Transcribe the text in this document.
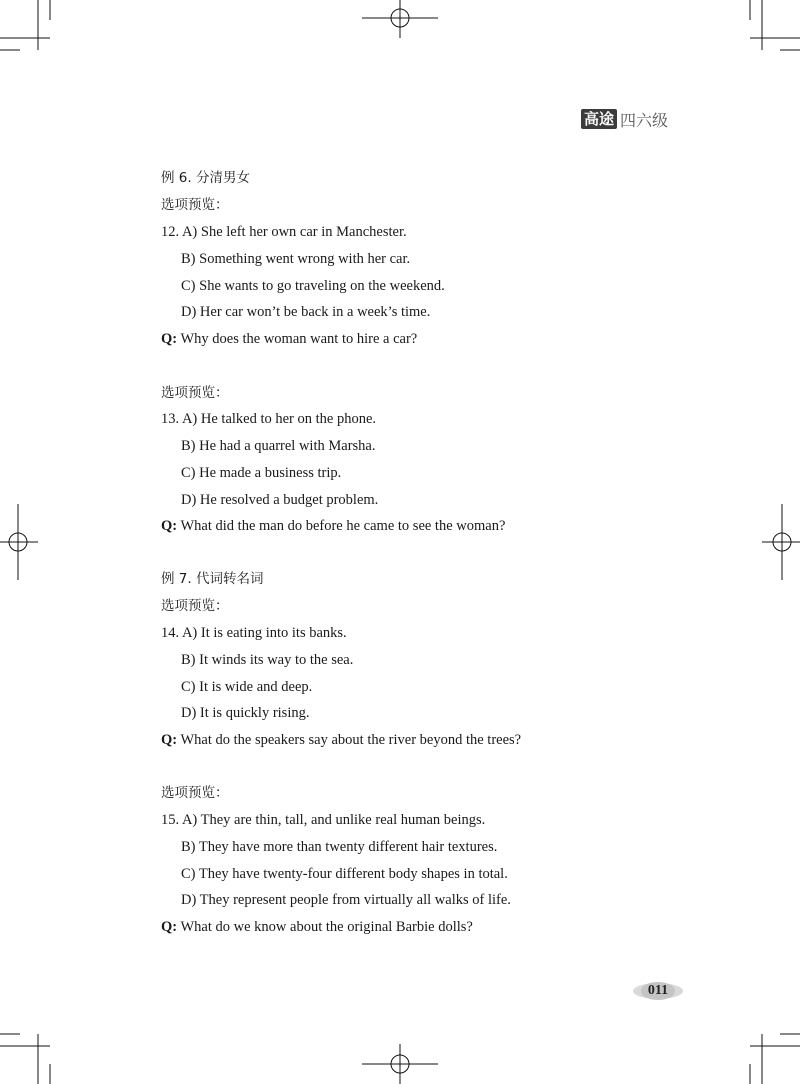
高途 四六级
例 6. 分清男女
选项预览：
12. A) She left her own car in Manchester.
B) Something went wrong with her car.
C) She wants to go traveling on the weekend.
D) Her car won’t be back in a week’s time.
Q: Why does the woman want to hire a car?
选项预览：
13. A) He talked to her on the phone.
B) He had a quarrel with Marsha.
C) He made a business trip.
D) He resolved a budget problem.
Q: What did the man do before he came to see the woman?
例 7. 代词转名词
选项预览：
14. A) It is eating into its banks.
B) It winds its way to the sea.
C) It is wide and deep.
D) It is quickly rising.
Q: What do the speakers say about the river beyond the trees?
选项预览：
15. A) They are thin, tall, and unlike real human beings.
B) They have more than twenty different hair textures.
C) They have twenty-four different body shapes in total.
D) They represent people from virtually all walks of life.
Q: What do we know about the original Barbie dolls?
011
